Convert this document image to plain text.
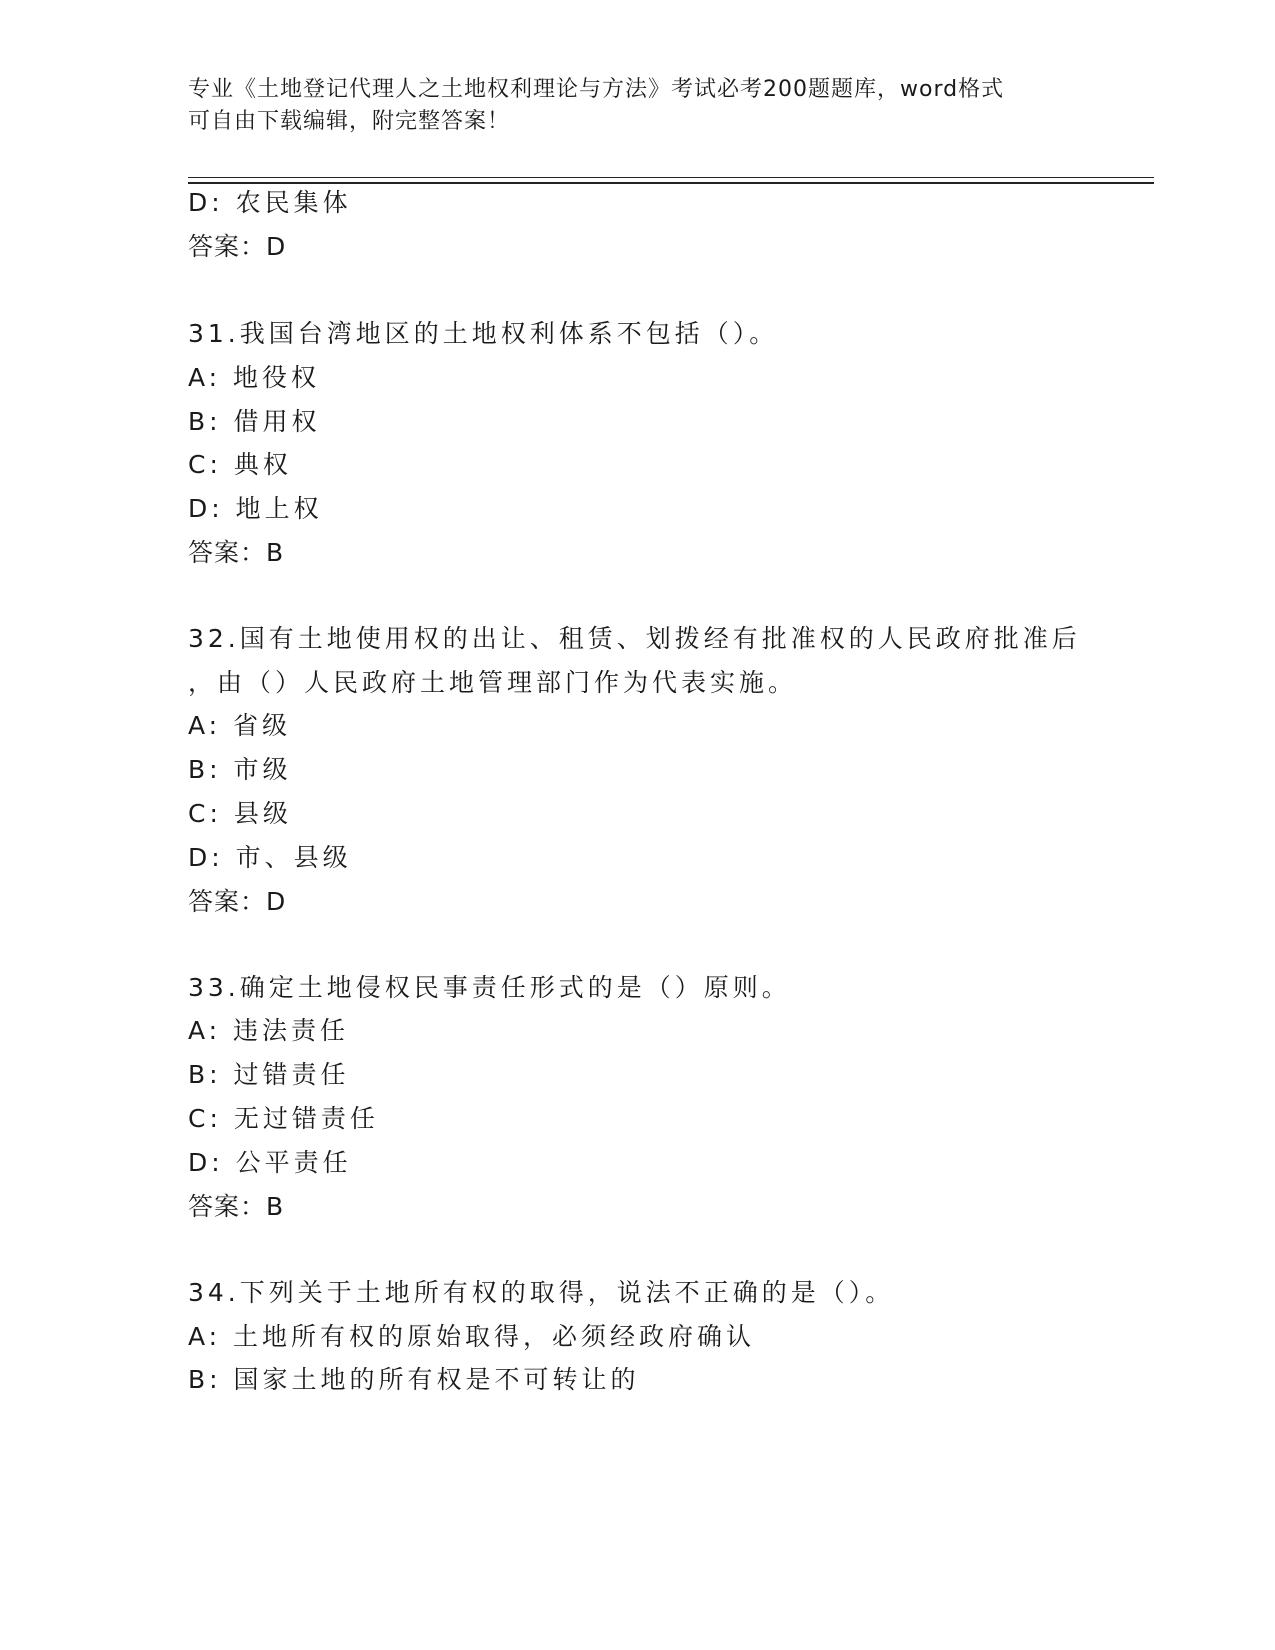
专业《土地登记代理人之土地权利理论与方法》考试必考200题题库，word格式
可自由下载编辑，附完整答案！
D: 农民集体
答案：D
31.我国台湾地区的土地权利体系不包括（）。
A: 地役权
B: 借用权
C: 典权
D: 地上权
答案：B
32.国有土地使用权的出让、租赁、划拨经有批准权的人民政府批准后
，由（）人民政府土地管理部门作为代表实施。
A: 省级
B: 市级
C: 县级
D: 市、县级
答案：D
33.确定土地侵权民事责任形式的是（）原则。
A: 违法责任
B: 过错责任
C: 无过错责任
D: 公平责任
答案：B
34.下列关于土地所有权的取得，说法不正确的是（）。
A: 土地所有权的原始取得，必须经政府确认
B: 国家土地的所有权是不可转让的
